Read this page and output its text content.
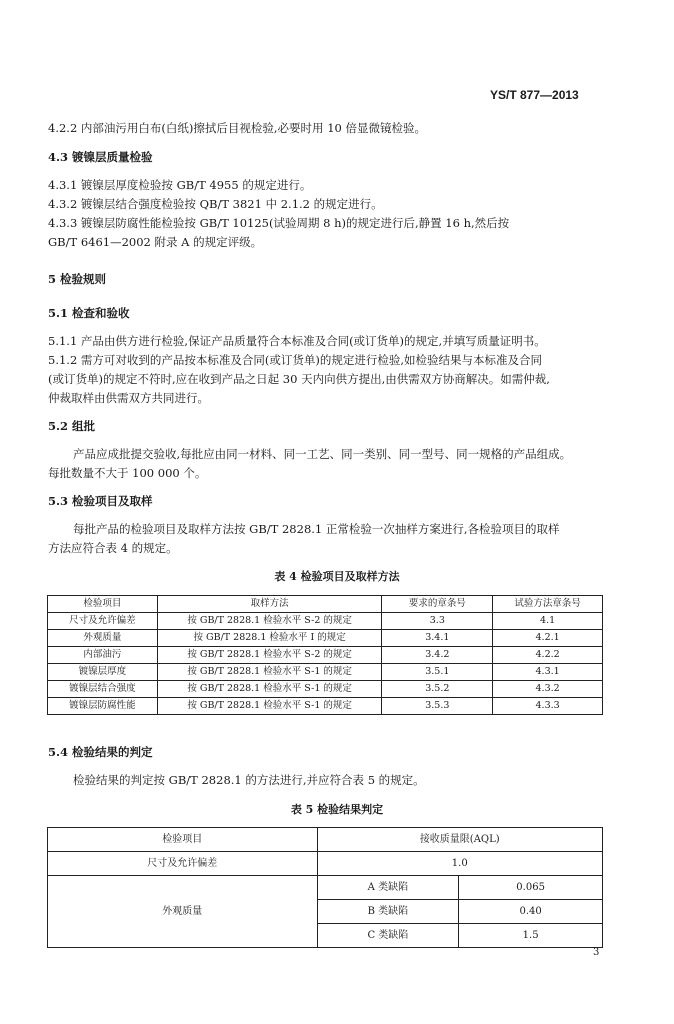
YS/T 877—2013
4.2.2 内部油污用白布(白纸)擦拭后目视检验,必要时用 10 倍显微镜检验。
4.3 镀镍层质量检验
4.3.1 镀镍层厚度检验按 GB/T 4955 的规定进行。
4.3.2 镀镍层结合强度检验按 QB/T 3821 中 2.1.2 的规定进行。
4.3.3 镀镍层防腐性能检验按 GB/T 10125(试验周期 8 h)的规定进行后,静置 16 h,然后按
GB/T 6461—2002 附录 A 的规定评级。
5 检验规则
5.1 检查和验收
5.1.1 产品由供方进行检验,保证产品质量符合本标准及合同(或订货单)的规定,并填写质量证明书。
5.1.2 需方可对收到的产品按本标准及合同(或订货单)的规定进行检验,如检验结果与本标准及合同
(或订货单)的规定不符时,应在收到产品之日起 30 天内向供方提出,由供需双方协商解决。如需仲裁,
仲裁取样由供需双方共同进行。
5.2 组批
产品应成批提交验收,每批应由同一材料、同一工艺、同一类别、同一型号、同一规格的产品组成。
每批数量不大于 100 000 个。
5.3 检验项目及取样
每批产品的检验项目及取样方法按 GB/T 2828.1 正常检验一次抽样方案进行,各检验项目的取样
方法应符合表 4 的规定。
表 4 检验项目及取样方法
检验项目	取样方法	要求的章条号	试验方法章条号
尺寸及允许偏差	按 GB/T 2828.1 检验水平 S-2 的规定	3.3	4.1
外观质量	按 GB/T 2828.1 检验水平 I 的规定	3.4.1	4.2.1
内部油污	按 GB/T 2828.1 检验水平 S-2 的规定	3.4.2	4.2.2
镀镍层厚度	按 GB/T 2828.1 检验水平 S-1 的规定	3.5.1	4.3.1
镀镍层结合强度	按 GB/T 2828.1 检验水平 S-1 的规定	3.5.2	4.3.2
镀镍层防腐性能	按 GB/T 2828.1 检验水平 S-1 的规定	3.5.3	4.3.3
5.4 检验结果的判定
检验结果的判定按 GB/T 2828.1 的方法进行,并应符合表 5 的规定。
表 5 检验结果判定
检验项目	接收质量限(AQL)	
尺寸及允许偏差	1.0	
外观质量	A 类缺陷	0.065
	B 类缺陷	0.40
	C 类缺陷	1.5
3
